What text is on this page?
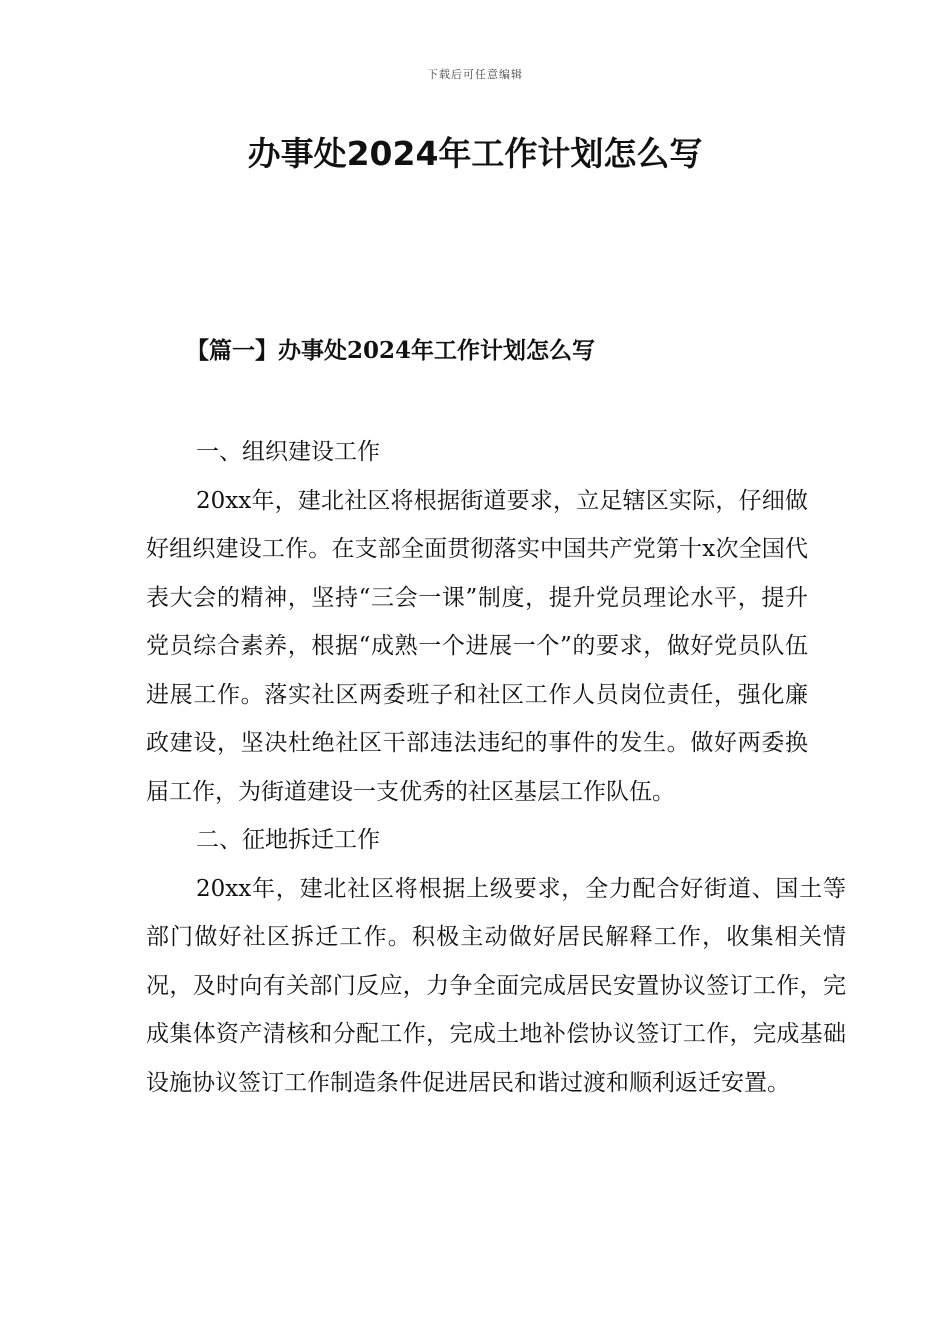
下载后可任意编辑
办事处2024年工作计划怎么写
【篇一】办事处2024年工作计划怎么写

一、组织建设工作

20xx年，建北社区将根据街道要求，立足辖区实际，仔细做好组织建设工作。在支部全面贯彻落实中国共产党第十x次全国代表大会的精神，坚持“三会一课”制度，提升党员理论水平，提升党员综合素养，根据“成熟一个进展一个”的要求，做好党员队伍进展工作。落实社区两委班子和社区工作人员岗位责任，强化廉政建设，坚决杜绝社区干部违法违纪的事件的发生。做好两委换届工作，为街道建设一支优秀的社区基层工作队伍。

二、征地拆迁工作

20xx年，建北社区将根据上级要求，全力配合好街道、国土等部门做好社区拆迁工作。积极主动做好居民解释工作，收集相关情况，及时向有关部门反应，力争全面完成居民安置协议签订工作，完成集体资产清核和分配工作，完成土地补偿协议签订工作，完成基础设施协议签订工作制造条件促进居民和谐过渡和顺利返迁安置。
